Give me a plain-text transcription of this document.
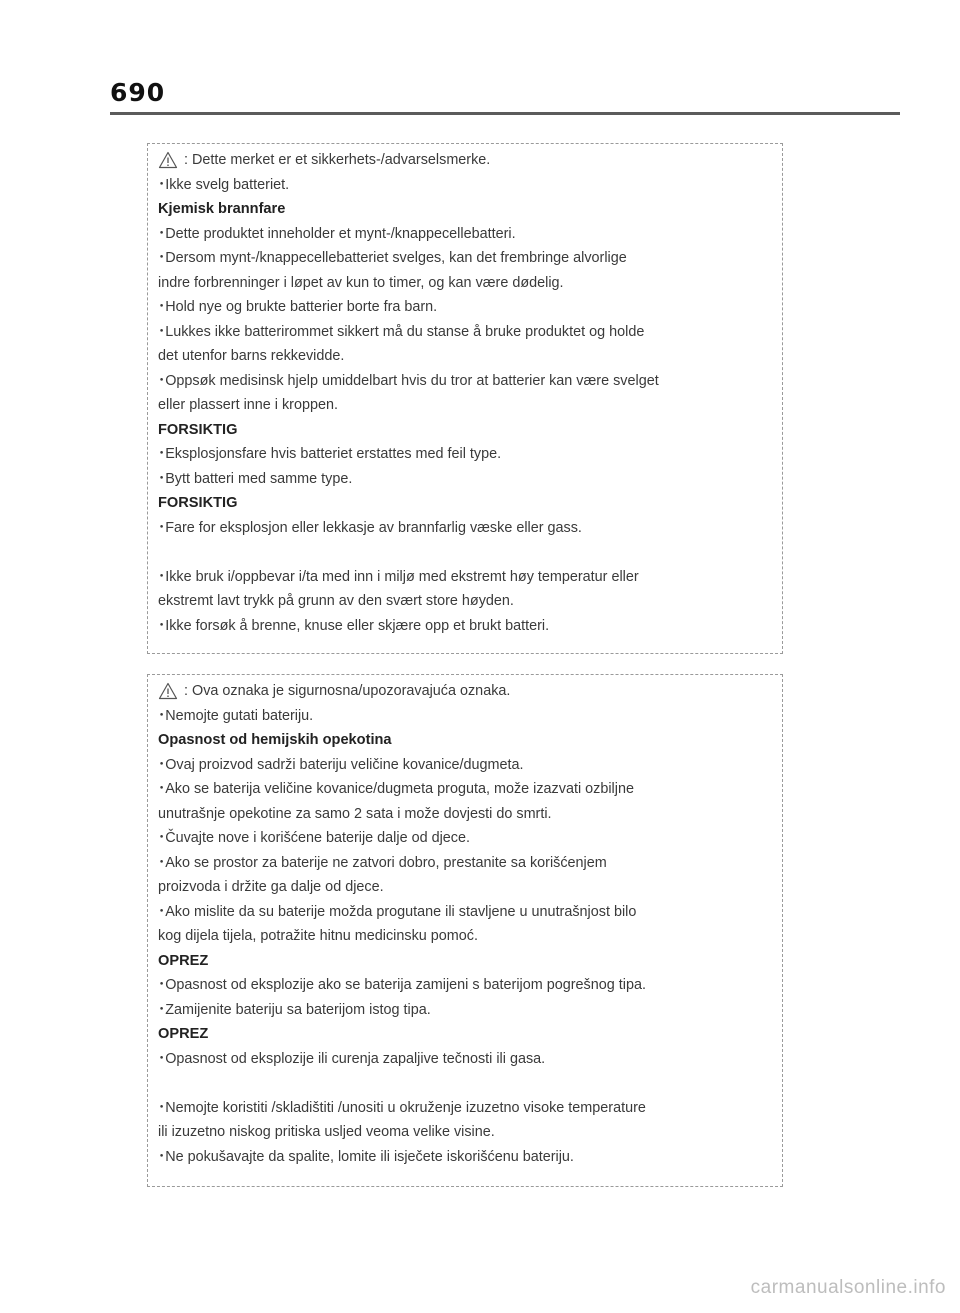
690
: Dette merket er et sikkerhets-/advarselsmerke.
･Ikke svelg batteriet.
Kjemisk brannfare
･Dette produktet inneholder et mynt-/knappecellebatteri.
･Dersom mynt-/knappecellebatteriet svelges, kan det frembringe alvorlige
indre forbrenninger i løpet av kun to timer, og kan være dødelig.
･Hold nye og brukte batterier borte fra barn.
･Lukkes ikke batterirommet sikkert må du stanse å bruke produktet og holde
det utenfor barns rekkevidde.
･Oppsøk medisinsk hjelp umiddelbart hvis du tror at batterier kan være svelget
eller plassert inne i kroppen.
FORSIKTIG
･Eksplosjonsfare hvis batteriet erstattes med feil type.
･Bytt batteri med samme type.
FORSIKTIG
･Fare for eksplosjon eller lekkasje av brannfarlig væske eller gass.
･Ikke bruk i/oppbevar i/ta med inn i miljø med ekstremt høy temperatur eller
ekstremt lavt trykk på grunn av den svært store høyden.
･Ikke forsøk å brenne, knuse eller skjære opp et brukt batteri.
: Ova oznaka je sigurnosna/upozoravajuća oznaka.
･Nemojte gutati bateriju.
Opasnost od hemijskih opekotina
･Ovaj proizvod sadrži bateriju veličine kovanice/dugmeta.
･Ako se baterija veličine kovanice/dugmeta proguta, može izazvati ozbiljne
unutrašnje opekotine za samo 2 sata i može dovjesti do smrti.
･Čuvajte nove i korišćene baterije dalje od djece.
･Ako se prostor za baterije ne zatvori dobro, prestanite sa korišćenjem
proizvoda i držite ga dalje od djece.
･Ako mislite da su baterije možda progutane ili stavljene u unutrašnjost bilo
kog dijela tijela, potražite hitnu medicinsku pomoć.
OPREZ
･Opasnost od eksplozije ako se baterija zamijeni s baterijom pogrešnog tipa.
･Zamijenite bateriju sa baterijom istog tipa.
OPREZ
･Opasnost od eksplozije ili curenja zapaljive tečnosti ili gasa.
･Nemojte koristiti /skladištiti /unositi u okruženje izuzetno visoke temperature
ili izuzetno niskog pritiska usljed veoma velike visine.
･Ne pokušavajte da spalite, lomite ili isječete iskorišćenu bateriju.
carmanualsonline.info
